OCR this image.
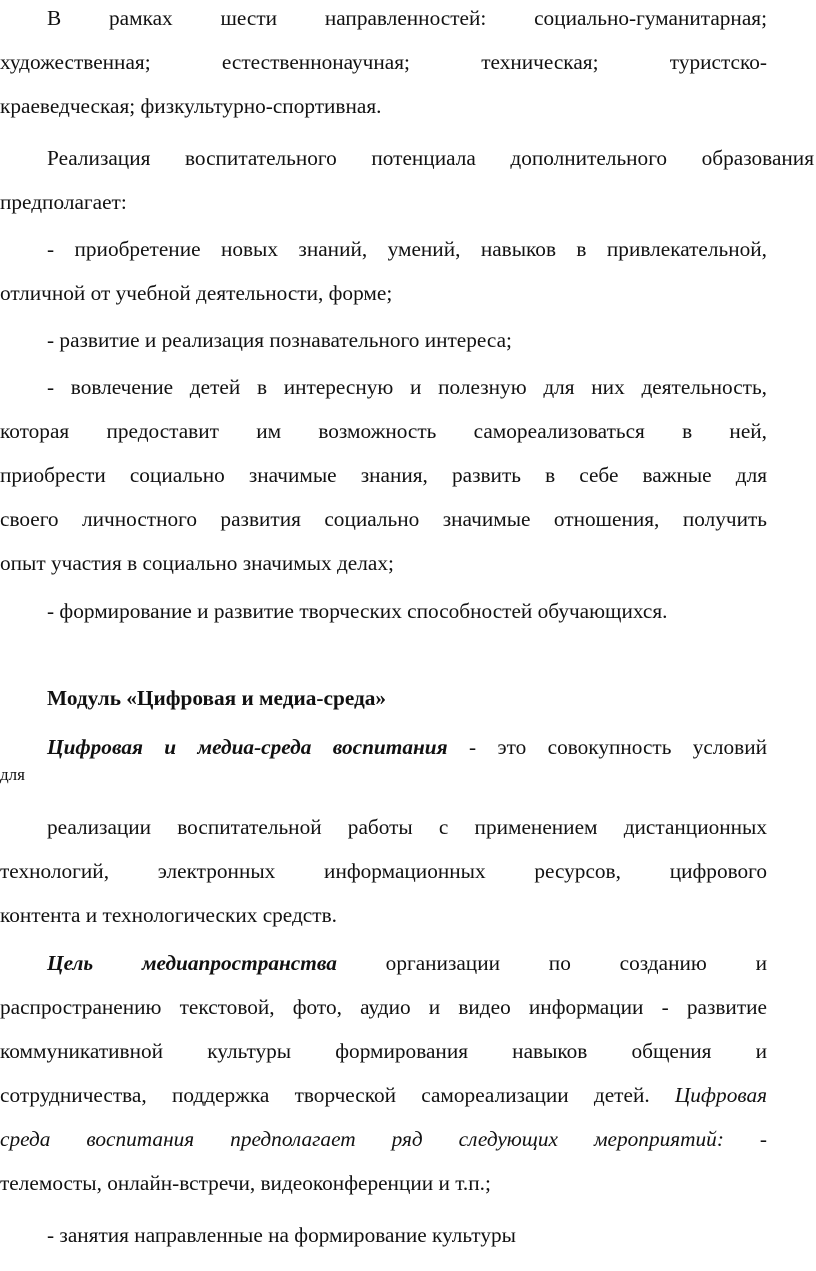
В рамках шести направленностей: социально-гуманитарная;

художественная; естественнонаучная; техническая; туристско-

краеведческая; физкультурно-спортивная.

Реализация воспитательного потенциала дополнительного образования

предполагает:

- приобретение новых знаний, умений, навыков в привлекательной,

отличной от учебной деятельности, форме;

- развитие и реализация познавательного интереса;

- вовлечение детей в интересную и полезную для них деятельность,

которая предоставит им возможность самореализоваться в ней,

приобрести социально значимые знания, развить в себе важные для

своего личностного развития социально значимые отношения, получить

опыт участия в социально значимых делах;

- формирование и развитие творческих способностей обучающихся.

Модуль «Цифровая и медиа-среда»

Цифровая и медиа-среда воспитания - это совокупность условий

для

реализации воспитательной работы с применением дистанционных

технологий, электронных информационных ресурсов, цифрового

контента и технологических средств.

Цель медиапространства организации по созданию и

распространению текстовой, фото, аудио и видео информации - развитие

коммуникативной культуры формирования навыков общения и

сотрудничества, поддержка творческой самореализации детей. Цифровая

среда воспитания предполагает ряд следующих мероприятий: -

телемосты, онлайн-встречи, видеоконференции и т.п.;

- занятия направленные на формирование культуры
